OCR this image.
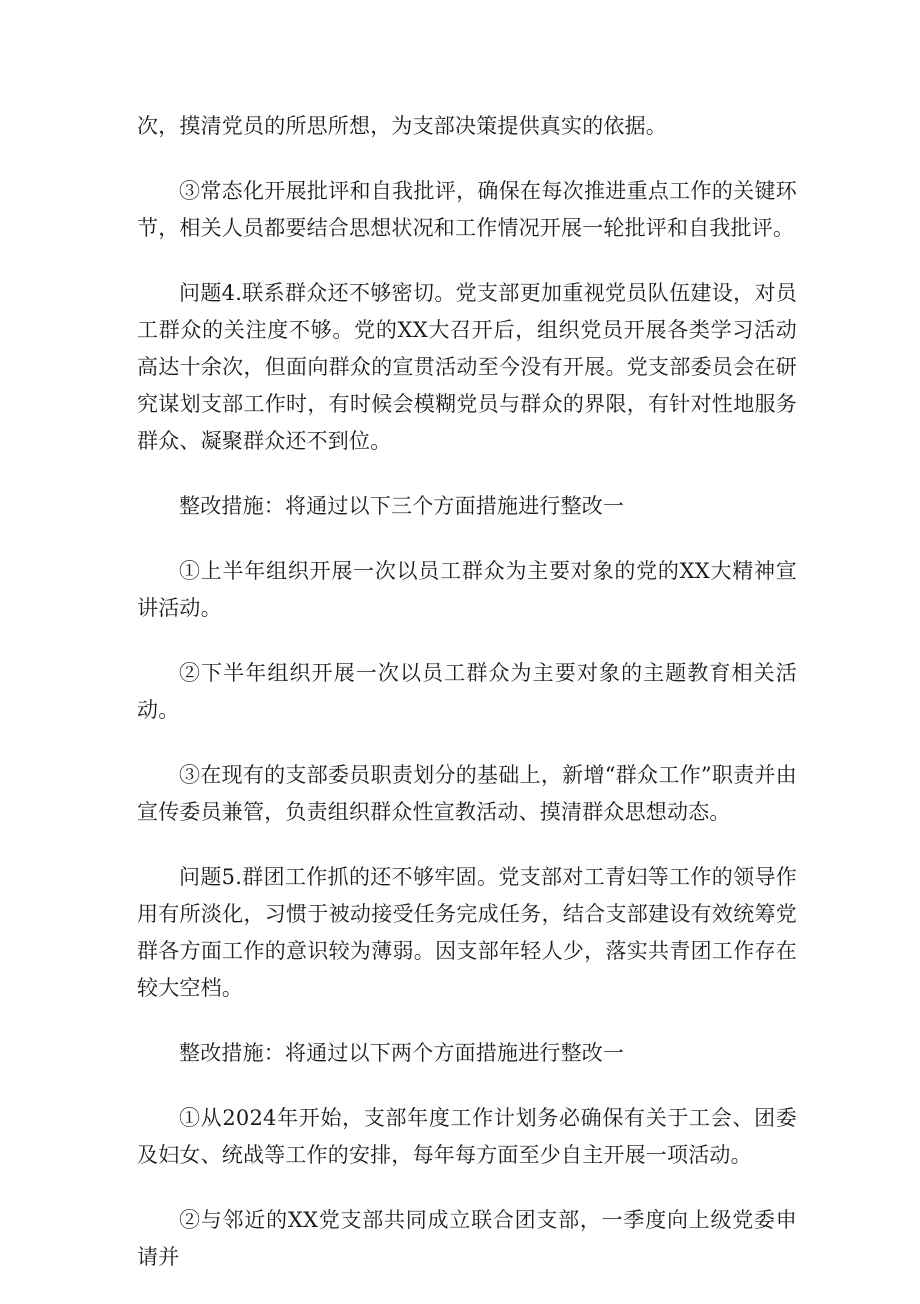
次，摸清党员的所思所想，为支部决策提供真实的依据。

③常态化开展批评和自我批评，确保在每次推进重点工作的关键环节，相关人员都要结合思想状况和工作情况开展一轮批评和自我批评。

问题4.联系群众还不够密切。党支部更加重视党员队伍建设，对员工群众的关注度不够。党的XX大召开后，组织党员开展各类学习活动高达十余次，但面向群众的宣贯活动至今没有开展。党支部委员会在研究谋划支部工作时，有时候会模糊党员与群众的界限，有针对性地服务群众、凝聚群众还不到位。

整改措施：将通过以下三个方面措施进行整改一

①上半年组织开展一次以员工群众为主要对象的党的XX大精神宣讲活动。

②下半年组织开展一次以员工群众为主要对象的主题教育相关活动。

③在现有的支部委员职责划分的基础上，新增“群众工作”职责并由宣传委员兼管，负责组织群众性宣教活动、摸清群众思想动态。

问题5.群团工作抓的还不够牢固。党支部对工青妇等工作的领导作用有所淡化，习惯于被动接受任务完成任务，结合支部建设有效统筹党群各方面工作的意识较为薄弱。因支部年轻人少，落实共青团工作存在较大空档。

整改措施：将通过以下两个方面措施进行整改一

①从2024年开始，支部年度工作计划务必确保有关于工会、团委及妇女、统战等工作的安排，每年每方面至少自主开展一项活动。

②与邻近的XX党支部共同成立联合团支部，一季度向上级党委申请并
